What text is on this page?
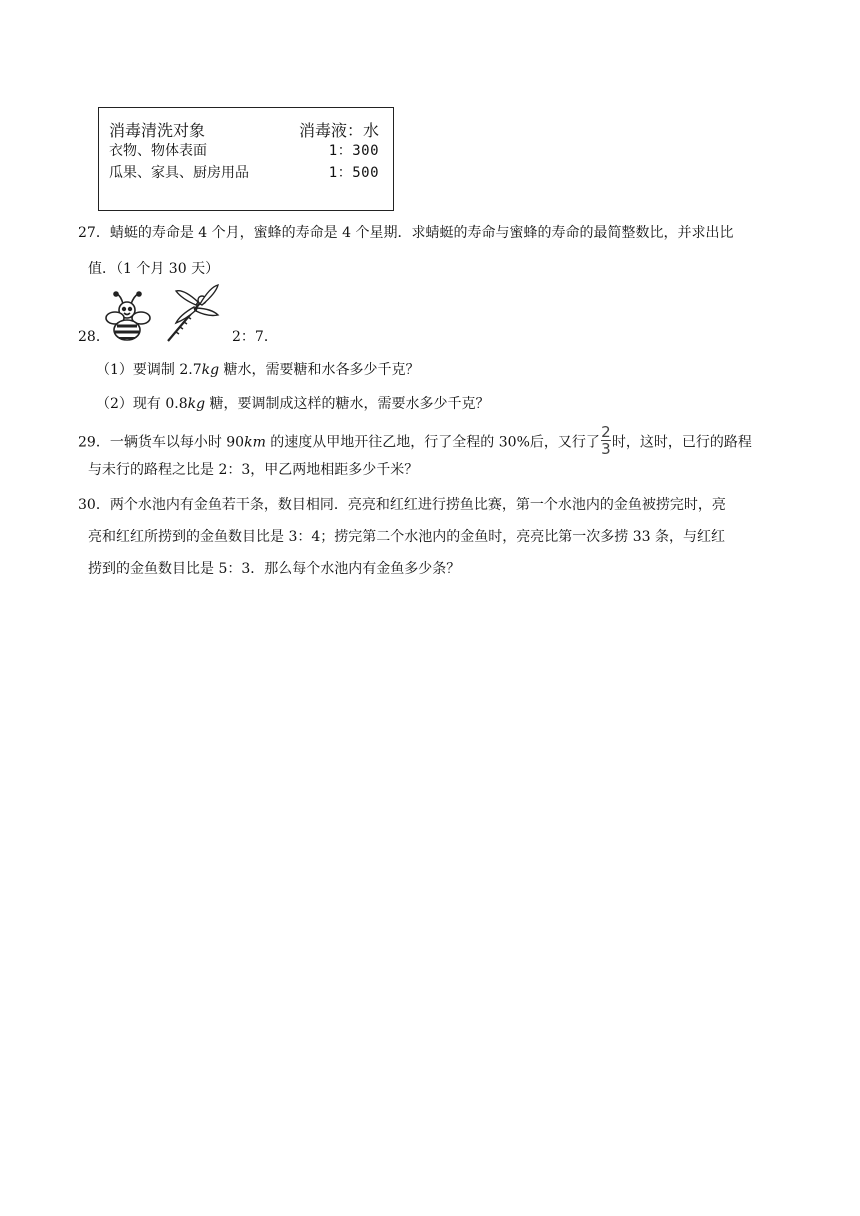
消毒清洗对象	消毒液：水
衣物、物体表面	1：300
瓜果、家具、厨房用品	1：500
27．蜻蜓的寿命是 4 个月，蜜蜂的寿命是 4 个星期．求蜻蜓的寿命与蜜蜂的寿命的最简整数比，并求出比
值．（1 个月 30 天）
28．	2：7．
（1）要调制 2.7kg 糖水，需要糖和水各多少千克？
（2）现有 0.8kg 糖，要调制成这样的糖水，需要水多少千克？
29．一辆货车以每小时 90km 的速度从甲地开往乙地，行了全程的 30%后，又行了 $\frac{2}{3}$ 时，这时，已行的路程
与未行的路程之比是 2：3，甲乙两地相距多少千米？
30．两个水池内有金鱼若干条，数目相同．亮亮和红红进行捞鱼比赛，第一个水池内的金鱼被捞完时，亮
亮和红红所捞到的金鱼数目比是 3：4；捞完第二个水池内的金鱼时，亮亮比第一次多捞 33 条，与红红
捞到的金鱼数目比是 5：3．那么每个水池内有金鱼多少条？
